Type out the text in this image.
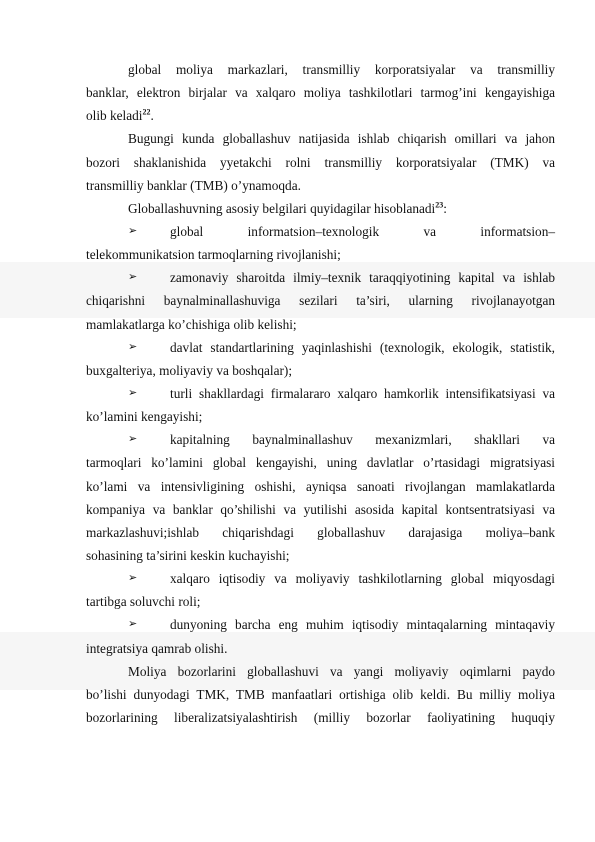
global moliya markazlari, transmilliy korporatsiyalar va transmilliy
banklar, elektron birjalar va xalqaro moliya tashkilotlari tarmog’ini kengayishiga
olib keladi$^{22}$.
Bugungi kunda globallashuv natijasida ishlab chiqarish omillari va jahon
bozori shaklanishida yyetakchi rolni transmilliy korporatsiyalar (TMK) va
transmilliy banklar (TMB) o’ynamoqda.
Globallashuvning asosiy belgilari quyidagilar hisoblanadi$^{23}$:
➢	global informatsion–texnologik va informatsion–
telekommunikatsion tarmoqlarning rivojlanishi;
➢	zamonaviy sharoitda ilmiy–texnik taraqqiyotining kapital va ishlab
chiqarishni baynalminallashuviga sezilari ta’siri, ularning rivojlanayotgan
mamlakatlarga ko’chishiga olib kelishi;
➢	davlat standartlarining yaqinlashishi (texnologik, ekologik, statistik,
buxgalteriya, moliyaviy va boshqalar);
➢	turli shakllardagi firmalararo xalqaro hamkorlik intensifikatsiyasi va
ko’lamini kengayishi;
➢	kapitalning baynalminallashuv mexanizmlari, shakllari va
tarmoqlari ko’lamini global kengayishi, uning davlatlar o’rtasidagi migratsiyasi
ko’lami va intensivligining oshishi, ayniqsa sanoati rivojlangan mamlakatlarda
kompaniya va banklar qo’shilishi va yutilishi asosida kapital kontsentratsiyasi va
markazlashuvi;ishlab chiqarishdagi globallashuv darajasiga moliya–bank
sohasining ta’sirini keskin kuchayishi;
➢	xalqaro iqtisodiy va moliyaviy tashkilotlarning global miqyosdagi
tartibga soluvchi roli;
➢	dunyoning barcha eng muhim iqtisodiy mintaqalarning mintaqaviy
integratsiya qamrab olishi.
Moliya bozorlarini globallashuvi va yangi moliyaviy oqimlarni paydo
bo’lishi dunyodagi TMK, TMB manfaatlari ortishiga olib keldi. Bu milliy moliya
bozorlarining liberalizatsiyalashtirish (milliy bozorlar faoliyatining huquqiy
